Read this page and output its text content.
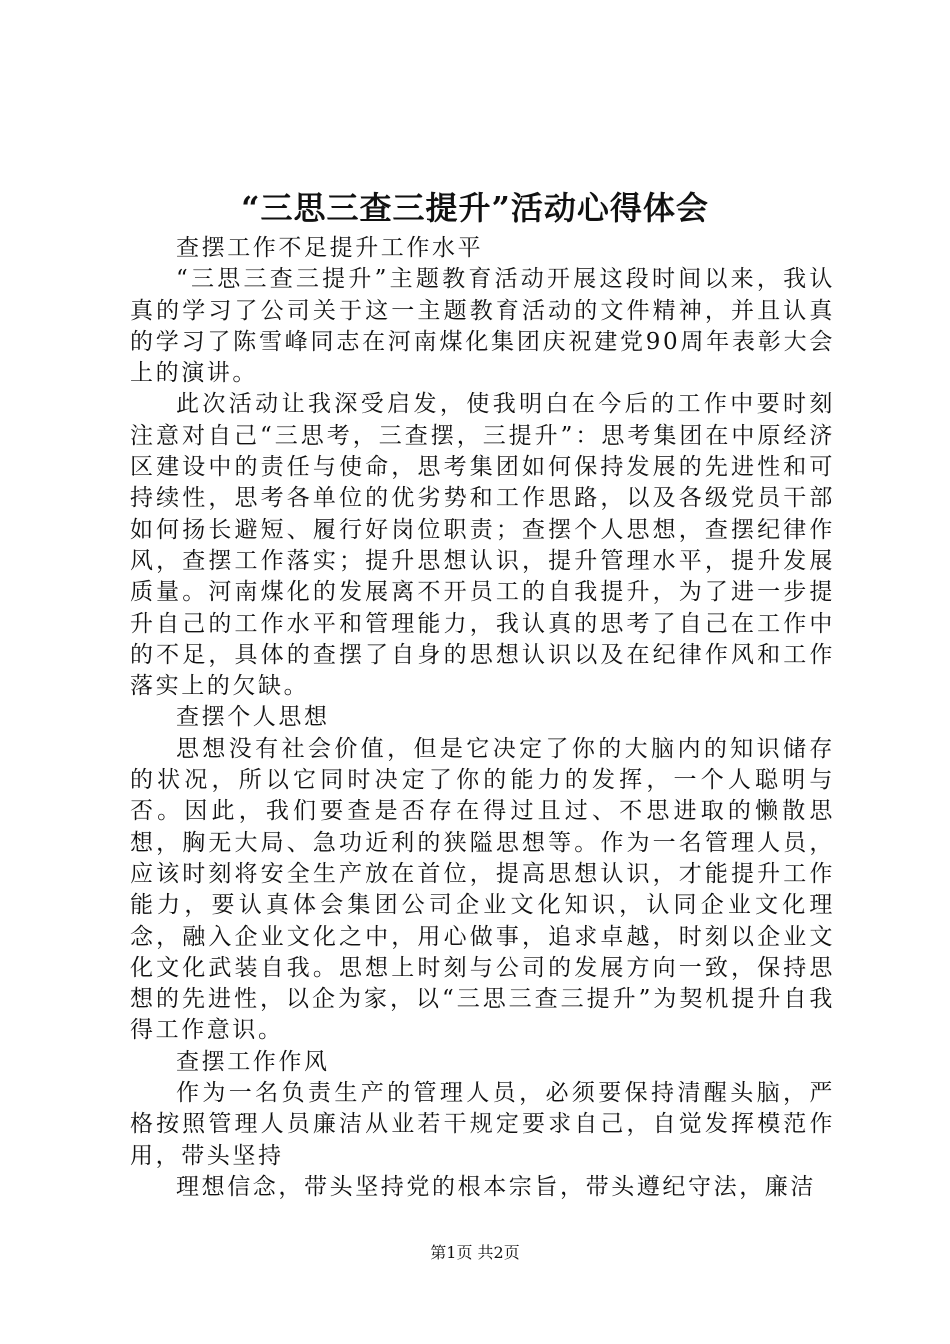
“三思三查三提升”活动心得体会

查摆工作不足提升工作水平

“三思三查三提升”主题教育活动开展这段时间以来，我认真的学习了公司关于这一主题教育活动的文件精神，并且认真的学习了陈雪峰同志在河南煤化集团庆祝建党90周年表彰大会上的演讲。

此次活动让我深受启发，使我明白在今后的工作中要时刻注意对自己“三思考，三查摆，三提升”：思考集团在中原经济区建设中的责任与使命，思考集团如何保持发展的先进性和可持续性，思考各单位的优劣势和工作思路，以及各级党员干部如何扬长避短、履行好岗位职责；查摆个人思想，查摆纪律作风，查摆工作落实；提升思想认识，提升管理水平，提升发展质量。河南煤化的发展离不开员工的自我提升，为了进一步提升自己的工作水平和管理能力，我认真的思考了自己在工作中的不足，具体的查摆了自身的思想认识以及在纪律作风和工作落实上的欠缺。

查摆个人思想

思想没有社会价值，但是它决定了你的大脑内的知识储存的状况，所以它同时决定了你的能力的发挥，一个人聪明与否。因此，我们要查是否存在得过且过、不思进取的懒散思想，胸无大局、急功近利的狭隘思想等。作为一名管理人员，应该时刻将安全生产放在首位，提高思想认识，才能提升工作能力，要认真体会集团公司企业文化知识，认同企业文化理念，融入企业文化之中，用心做事，追求卓越，时刻以企业文化文化武装自我。思想上时刻与公司的发展方向一致，保持思想的先进性，以企为家，以“三思三查三提升”为契机提升自我得工作意识。

查摆工作作风

作为一名负责生产的管理人员，必须要保持清醒头脑，严格按照管理人员廉洁从业若干规定要求自己，自觉发挥模范作用，带头坚持

理想信念，带头坚持党的根本宗旨，带头遵纪守法，廉洁

第1页 共2页
